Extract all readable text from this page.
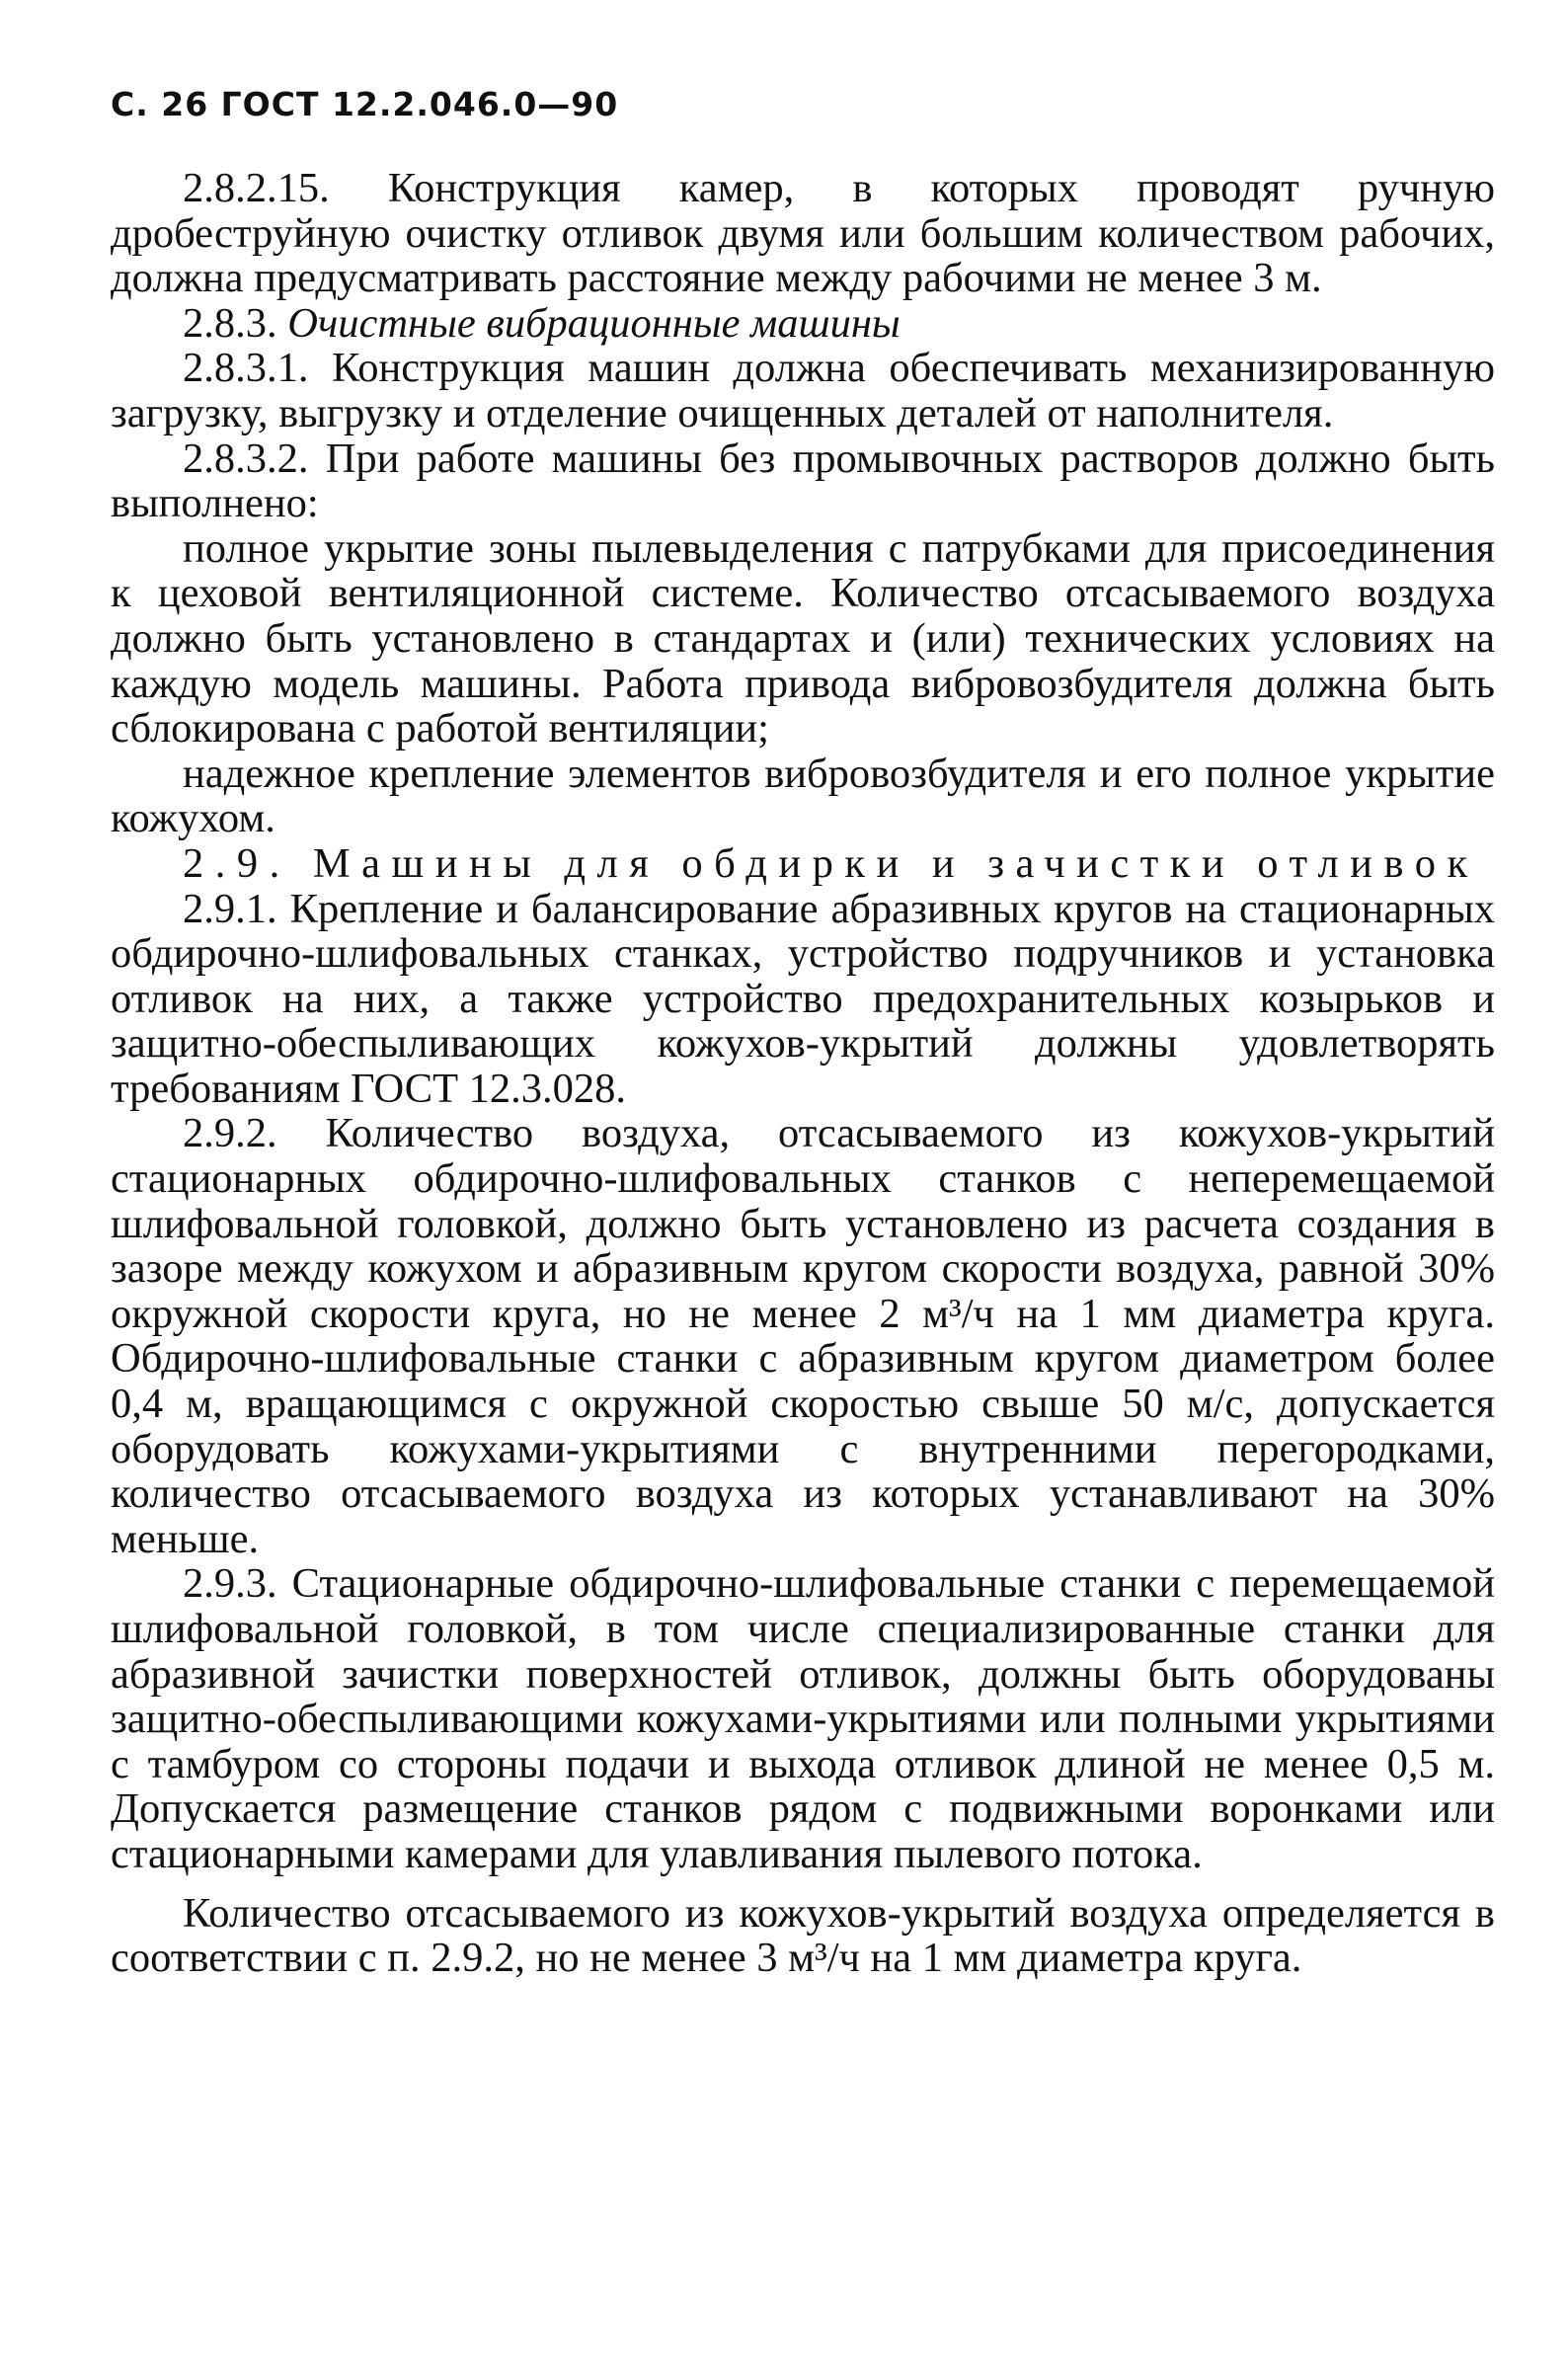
С. 26 ГОСТ 12.2.046.0—90

2.8.2.15. Конструкция камер, в которых проводят ручную дробеструйную очистку отливок двумя или большим количеством рабочих, должна предусматривать расстояние между рабочими не менее 3 м.

2.8.3. Очистные вибрационные машины

2.8.3.1. Конструкция машин должна обеспечивать механизированную загрузку, выгрузку и отделение очищенных деталей от наполнителя.

2.8.3.2. При работе машины без промывочных растворов должно быть выполнено:

полное укрытие зоны пылевыделения с патрубками для присоединения к цеховой вентиляционной системе. Количество отсасываемого воздуха должно быть установлено в стандартах и (или) технических условиях на каждую модель машины. Работа привода вибровозбудителя должна быть сблокирована с работой вентиляции;

надежное крепление элементов вибровозбудителя и его полное укрытие кожухом.

2.9. Машины для обдирки и зачистки отливок

2.9.1. Крепление и балансирование абразивных кругов на стационарных обдирочно-шлифовальных станках, устройство подручников и установка отливок на них, а также устройство предохранительных козырьков и защитно-обеспыливающих кожухов-укрытий должны удовлетворять требованиям ГОСТ 12.3.028.

2.9.2. Количество воздуха, отсасываемого из кожухов-укрытий стационарных обдирочно-шлифовальных станков с неперемещаемой шлифовальной головкой, должно быть установлено из расчета создания в зазоре между кожухом и абразивным кругом скорости воздуха, равной 30% окружной скорости круга, но не менее 2 м³/ч на 1 мм диаметра круга. Обдирочно-шлифовальные станки с абразивным кругом диаметром более 0,4 м, вращающимся с окружной скоростью свыше 50 м/с, допускается оборудовать кожухами-укрытиями с внутренними перегородками, количество отсасываемого воздуха из которых устанавливают на 30% меньше.

2.9.3. Стационарные обдирочно-шлифовальные станки с перемещаемой шлифовальной головкой, в том числе специализированные станки для абразивной зачистки поверхностей отливок, должны быть оборудованы защитно-обеспыливающими кожухами-укрытиями или полными укрытиями с тамбуром со стороны подачи и выхода отливок длиной не менее 0,5 м. Допускается размещение станков рядом с подвижными воронками или стационарными камерами для улавливания пылевого потока.

Количество отсасываемого из кожухов-укрытий воздуха определяется в соответствии с п. 2.9.2, но не менее 3 м³/ч на 1 мм диаметра круга.
